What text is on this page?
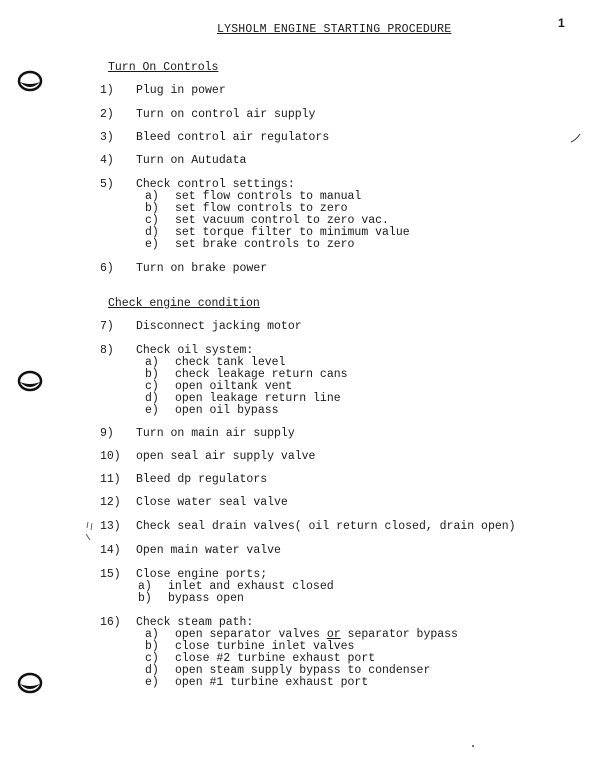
LYSHOLM ENGINE STARTING PROCEDURE	1
Turn On Controls
1) Plug in power
2) Turn on control air supply
3) Bleed control air regulators
4) Turn on Autudata
5) Check control settings:
a) set flow controls to manual
b) set flow controls to zero
c) set vacuum control to zero vac.
d) set torque filter to minimum value
e) set brake controls to zero
6) Turn on brake power
Check engine condition
7) Disconnect jacking motor
8) Check oil system:
a) check tank level
b) check leakage return cans
c) open oiltank vent
d) open leakage return line
e) open oil bypass
9) Turn on main air supply
10) open seal air supply valve
11) Bleed dp regulators
12) Close water seal valve
13) Check seal drain valves( oil return closed, drain open)
14) Open main water valve
15) Close engine ports;
a) inlet and exhaust closed
b) bypass open
16) Check steam path:
a) open separator valves or separator bypass
b) close turbine inlet valves
c) close #2 turbine exhaust port
d) open steam supply bypass to condenser
e) open #1 turbine exhaust port
